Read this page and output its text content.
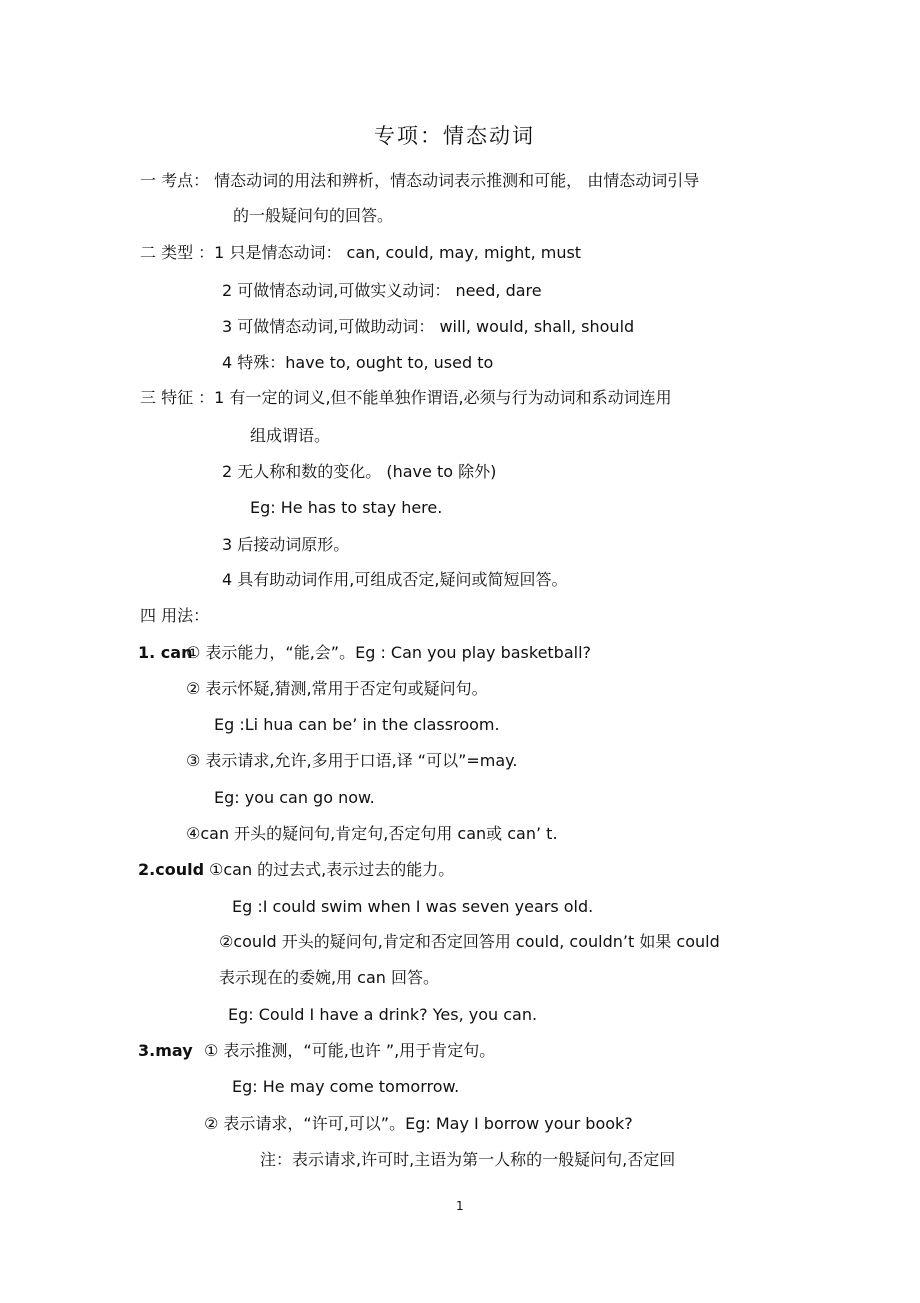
专项：情态动词
一 考点： 情态动词的用法和辨析，情态动词表示推测和可能， 由情态动词引导
的一般疑问句的回答。
二 类型 ：1 只是情态动词： can, could, may, might, must
2 可做情态动词,可做实义动词： need, dare
3 可做情态动词,可做助动词： will, would, shall, should
4 特殊：have to, ought to, used to
三 特征 ：1 有一定的词义,但不能单独作谓语,必须与行为动词和系动词连用
组成谓语。
2 无人称和数的变化。 (have to 除外)
Eg: He has to stay here.
3 后接动词原形。
4 具有助动词作用,可组成否定,疑问或简短回答。
四 用法：
1. can
① 表示能力，“能,会”。Eg : Can you play basketball?
② 表示怀疑,猜测,常用于否定句或疑问句。
Eg :Li hua can be’ in the classroom.
③ 表示请求,允许,多用于口语,译 “可以”=may.
Eg: you can go now.
④can 开头的疑问句,肯定句,否定句用 can或 can’ t.
2.could ①can 的过去式,表示过去的能力。
Eg :I could swim when I was seven years old.
②could 开头的疑问句,肯定和否定回答用 could, couldn’t 如果 could
表示现在的委婉,用 can 回答。
Eg: Could I have a drink? Yes, you can.
3.may ① 表示推测，“可能,也许 ”,用于肯定句。
Eg: He may come tomorrow.
② 表示请求，“许可,可以”。Eg: May I borrow your book?
注：表示请求,许可时,主语为第一人称的一般疑问句,否定回
1
